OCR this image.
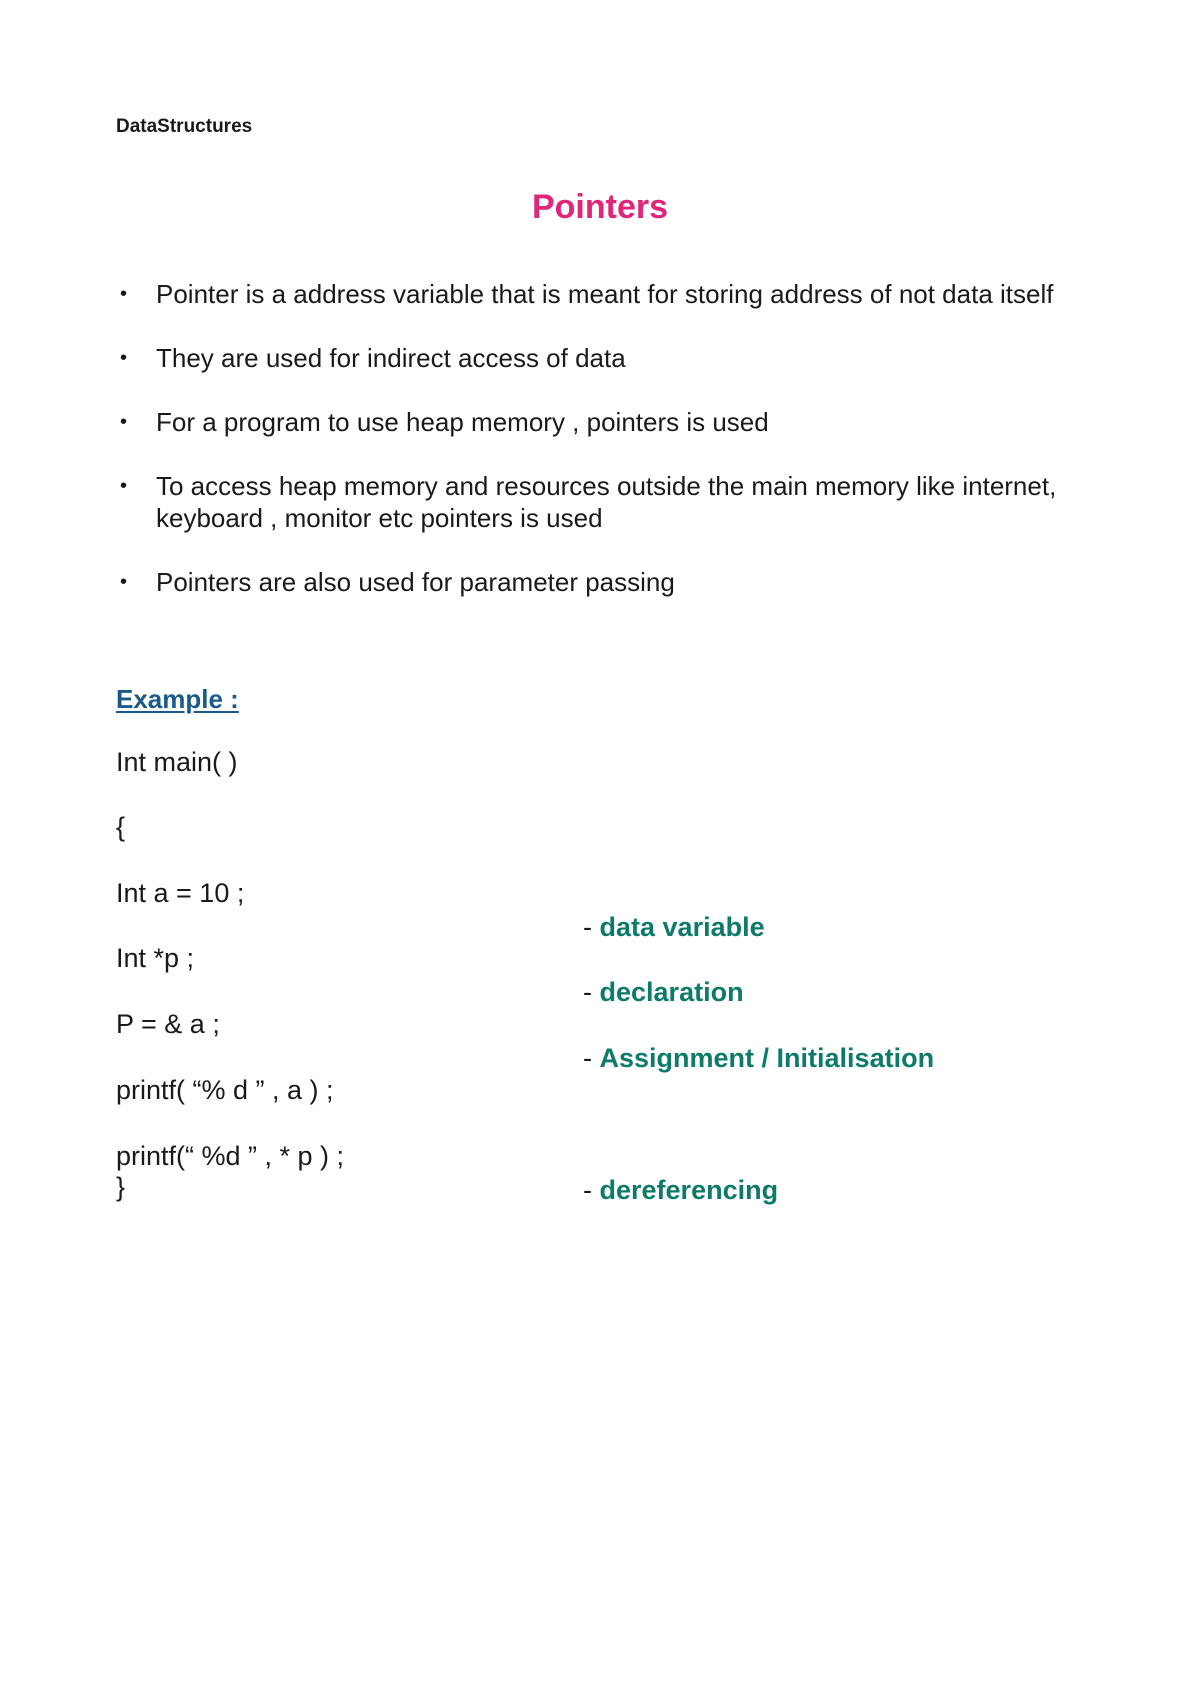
DataStructures
Pointers
• Pointer is a address variable that is meant for storing address of not data itself
• They are used for indirect access of data
• For a program to use heap memory , pointers is used
• To access heap memory and resources outside the main memory like internet, keyboard , monitor etc pointers is used
• Pointers are also used for parameter passing
Example :
Int main( )
{
Int a = 10 ;
Int *p ;
P = & a ;
printf( “% d ” , a ) ;
printf(“ %d ” , * p ) ;
}

- data variable

- declaration

- Assignment / Initialisation

- dereferencing
